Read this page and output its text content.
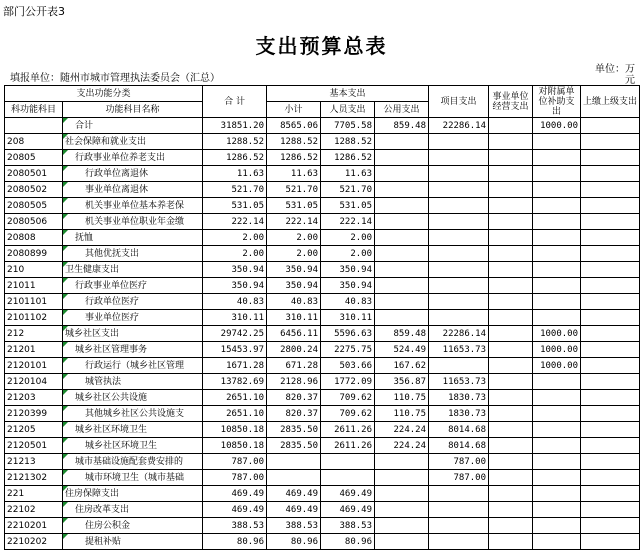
部门公开表3
支出预算总表
填报单位：随州市城市管理执法委员会（汇总）
单位：万元
支出功能分类		合 计	基本支出			项目支出	事业单位经营支出	对附属单位补助支出	上缴上级支出
科功能科目	功能科目名称		小计	人员支出	公用支出				
	合计	31851.20	8565.06	7705.58	859.48	22286.14		1000.00	
208	社会保障和就业支出	1288.52	1288.52	1288.52					
20805	行政事业单位养老支出	1286.52	1286.52	1286.52					
2080501	行政单位离退休	11.63	11.63	11.63					
2080502	事业单位离退休	521.70	521.70	521.70					
2080505	机关事业单位基本养老保	531.05	531.05	531.05					
2080506	机关事业单位职业年金缴	222.14	222.14	222.14					
20808	抚恤	2.00	2.00	2.00					
2080899	其他优抚支出	2.00	2.00	2.00					
210	卫生健康支出	350.94	350.94	350.94					
21011	行政事业单位医疗	350.94	350.94	350.94					
2101101	行政单位医疗	40.83	40.83	40.83					
2101102	事业单位医疗	310.11	310.11	310.11					
212	城乡社区支出	29742.25	6456.11	5596.63	859.48	22286.14		1000.00	
21201	城乡社区管理事务	15453.97	2800.24	2275.75	524.49	11653.73		1000.00	
2120101	行政运行（城乡社区管理	1671.28	671.28	503.66	167.62			1000.00	
2120104	城管执法	13782.69	2128.96	1772.09	356.87	11653.73			
21203	城乡社区公共设施	2651.10	820.37	709.62	110.75	1830.73			
2120399	其他城乡社区公共设施支	2651.10	820.37	709.62	110.75	1830.73			
21205	城乡社区环境卫生	10850.18	2835.50	2611.26	224.24	8014.68			
2120501	城乡社区环境卫生	10850.18	2835.50	2611.26	224.24	8014.68			
21213	城市基础设施配套费安排的	787.00				787.00			
2121302	城市环境卫生（城市基础	787.00				787.00			
221	住房保障支出	469.49	469.49	469.49					
22102	住房改革支出	469.49	469.49	469.49					
2210201	住房公积金	388.53	388.53	388.53					
2210202	提租补贴	80.96	80.96	80.96					
